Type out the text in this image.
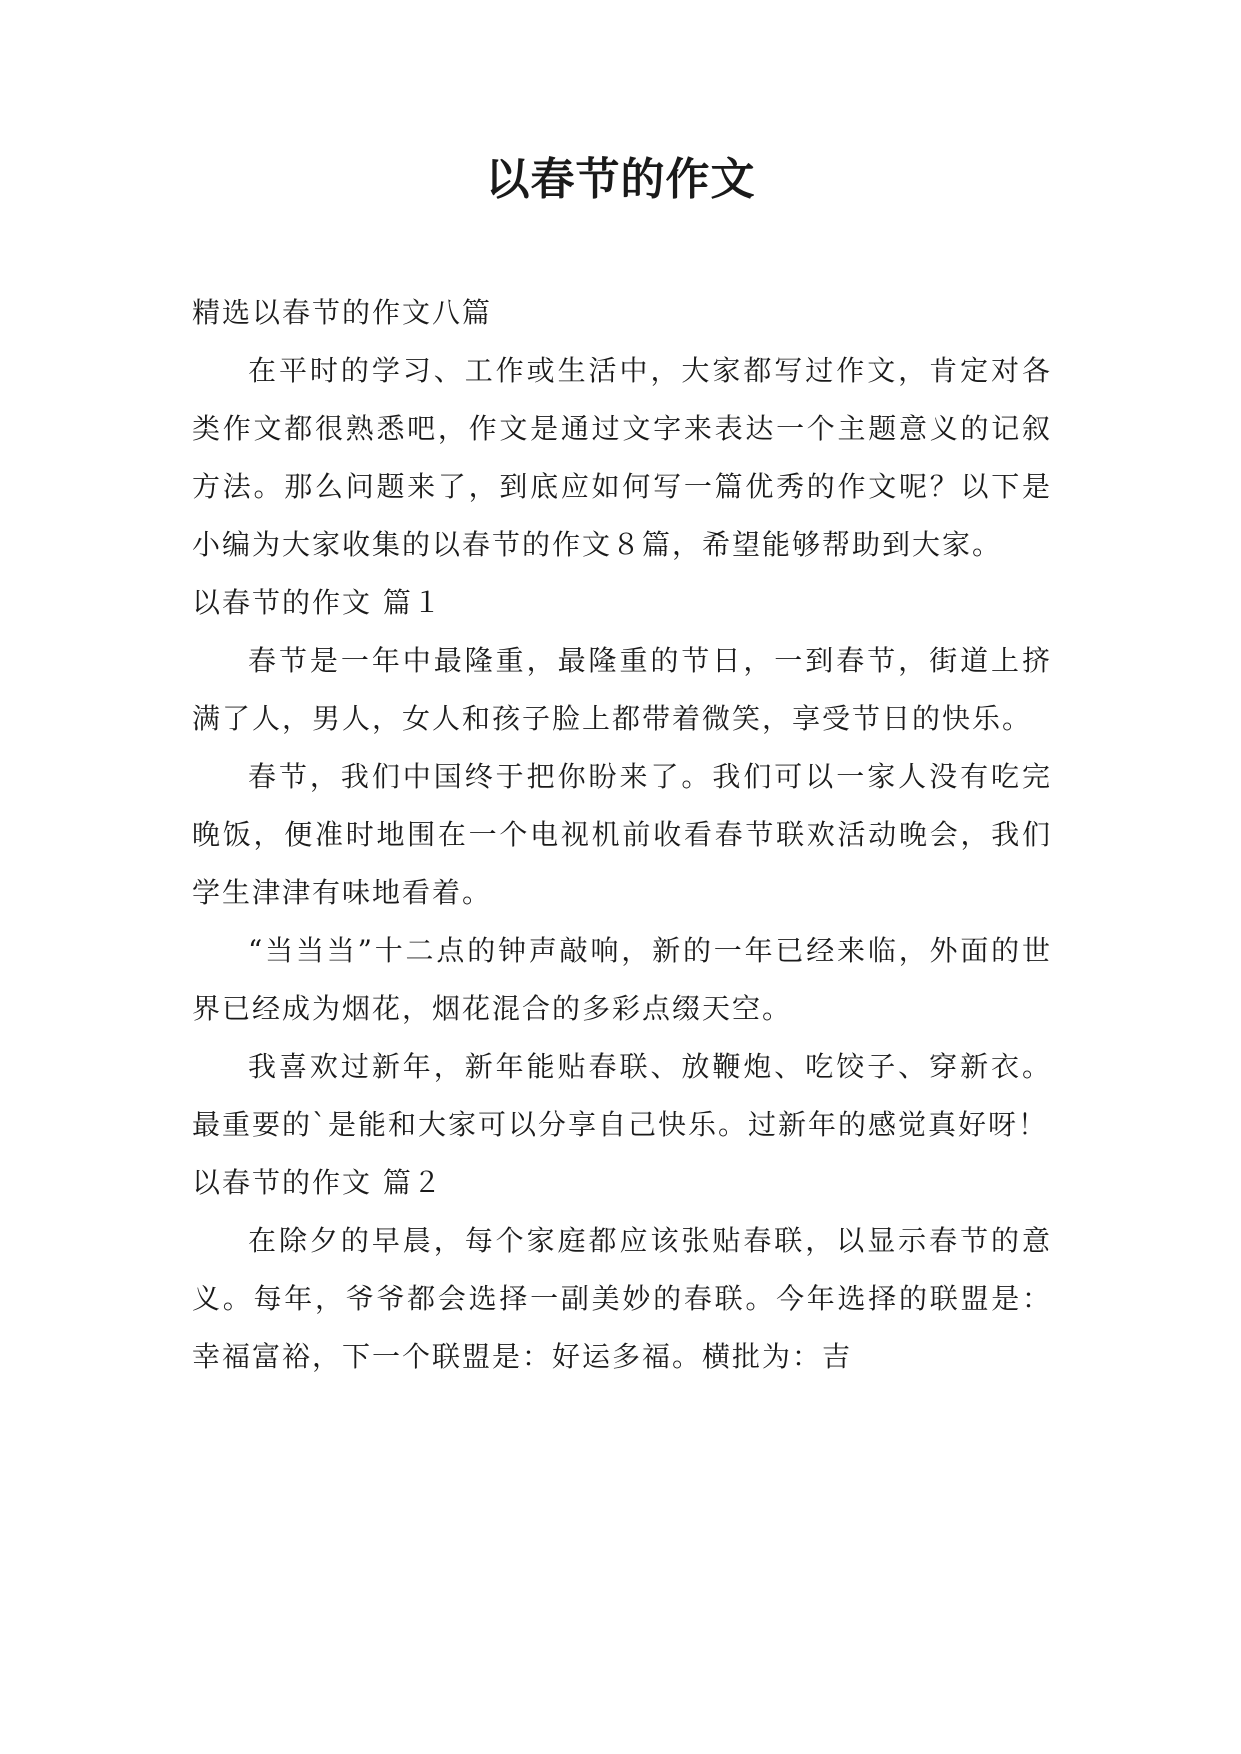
以春节的作文

精选以春节的作文八篇

在平时的学习、工作或生活中，大家都写过作文，肯定对各类作文都很熟悉吧，作文是通过文字来表达一个主题意义的记叙方法。那么问题来了，到底应如何写一篇优秀的作文呢？以下是小编为大家收集的以春节的作文８篇，希望能够帮助到大家。

以春节的作文 篇１

春节是一年中最隆重，最隆重的节日，一到春节，街道上挤满了人，男人，女人和孩子脸上都带着微笑，享受节日的快乐。

春节，我们中国终于把你盼来了。我们可以一家人没有吃完晚饭，便准时地围在一个电视机前收看春节联欢活动晚会，我们学生津津有味地看着。

“当当当”十二点的钟声敲响，新的一年已经来临，外面的世界已经成为烟花，烟花混合的多彩点缀天空。

我喜欢过新年，新年能贴春联、放鞭炮、吃饺子、穿新衣。最重要的`是能和大家可以分享自己快乐。过新年的感觉真好呀！

以春节的作文 篇２

在除夕的早晨，每个家庭都应该张贴春联，以显示春节的意义。每年，爷爷都会选择一副美妙的春联。今年选择的联盟是：幸福富裕，下一个联盟是：好运多福。横批为：吉
